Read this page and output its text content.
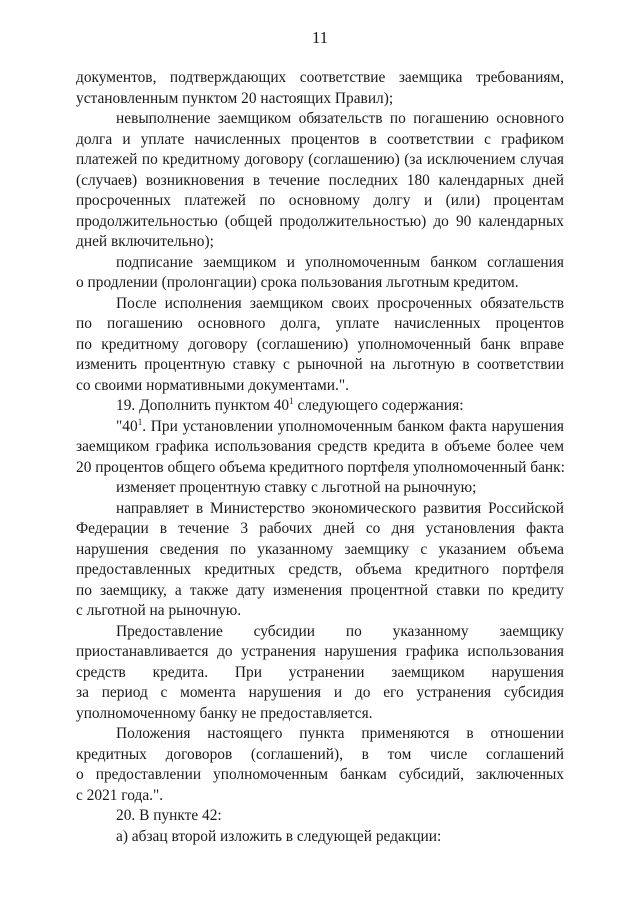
11
документов, подтверждающих соответствие заемщика требованиям,
установленным пунктом 20 настоящих Правил);
невыполнение заемщиком обязательств по погашению основного
долга и уплате начисленных процентов в соответствии с графиком
платежей по кредитному договору (соглашению) (за исключением случая
(случаев) возникновения в течение последних 180 календарных дней
просроченных платежей по основному долгу и (или) процентам
продолжительностью (общей продолжительностью) до 90 календарных
дней включительно);
подписание заемщиком и уполномоченным банком соглашения
о продлении (пролонгации) срока пользования льготным кредитом.
После исполнения заемщиком своих просроченных обязательств
по погашению основного долга, уплате начисленных процентов
по кредитному договору (соглашению) уполномоченный банк вправе
изменить процентную ставку с рыночной на льготную в соответствии
со своими нормативными документами.".
19. Дополнить пунктом $40^1$ следующего содержания:
"$40^1$. При установлении уполномоченным банком факта нарушения
заемщиком графика использования средств кредита в объеме более чем
20 процентов общего объема кредитного портфеля уполномоченный банк:
изменяет процентную ставку с льготной на рыночную;
направляет в Министерство экономического развития Российской
Федерации в течение 3 рабочих дней со дня установления факта
нарушения сведения по указанному заемщику с указанием объема
предоставленных кредитных средств, объема кредитного портфеля
по заемщику, а также дату изменения процентной ставки по кредиту
с льготной на рыночную.
Предоставление субсидии по указанному заемщику
приостанавливается до устранения нарушения графика использования
средств кредита. При устранении заемщиком нарушения
за период с момента нарушения и до его устранения субсидия
уполномоченному банку не предоставляется.
Положения настоящего пункта применяются в отношении
кредитных договоров (соглашений), в том числе соглашений
о предоставлении уполномоченным банкам субсидий, заключенных
с 2021 года.".
20. В пункте 42:
а) абзац второй изложить в следующей редакции:
